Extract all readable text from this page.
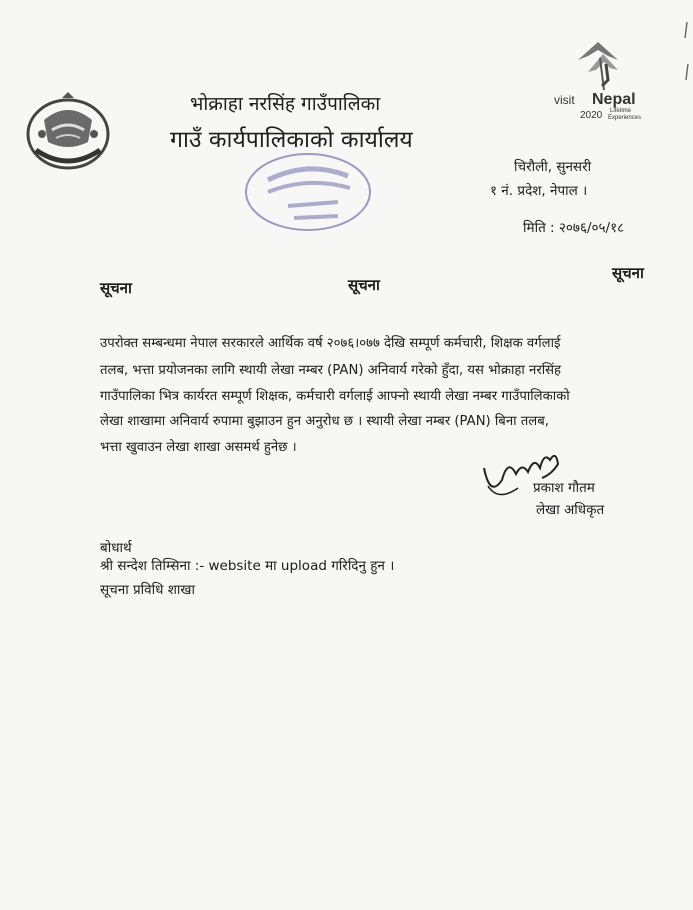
visit Nepal
2020 Lifetime
Experiences
भोक्राहा नरसिंह गाउँपालिका
गाउँ कार्यपालिकाको कार्यालय
चिरौली, सुनसरी
१ नं. प्रदेश, नेपाल ।
मिति : २०७६/०५/१८
सूचना	सूचना
सूचना
उपरोक्त सम्बन्धमा नेपाल सरकारले आर्थिक वर्ष २०७६।०७७ देखि सम्पूर्ण कर्मचारी, शिक्षक वर्गलाई
तलब, भत्ता प्रयोजनका लागि स्थायी लेखा नम्बर (PAN) अनिवार्य गरेको हुँदा, यस भोक्राहा नरसिंह
गाउँपालिका भित्र कार्यरत सम्पूर्ण शिक्षक, कर्मचारी वर्गलाई आफ्नो स्थायी लेखा नम्बर गाउँपालिकाको
लेखा शाखामा अनिवार्य रुपामा बुझाउन हुन अनुरोध छ । स्थायी लेखा नम्बर (PAN) बिना तलब,
भत्ता खुवाउन लेखा शाखा असमर्थ हुनेछ ।
प्रकाश गौतम
लेखा अधिकृत
बोधार्थ
श्री सन्देश तिम्सिना :- website मा upload गरिदिनु हुन ।
सूचना प्रविधि शाखा
